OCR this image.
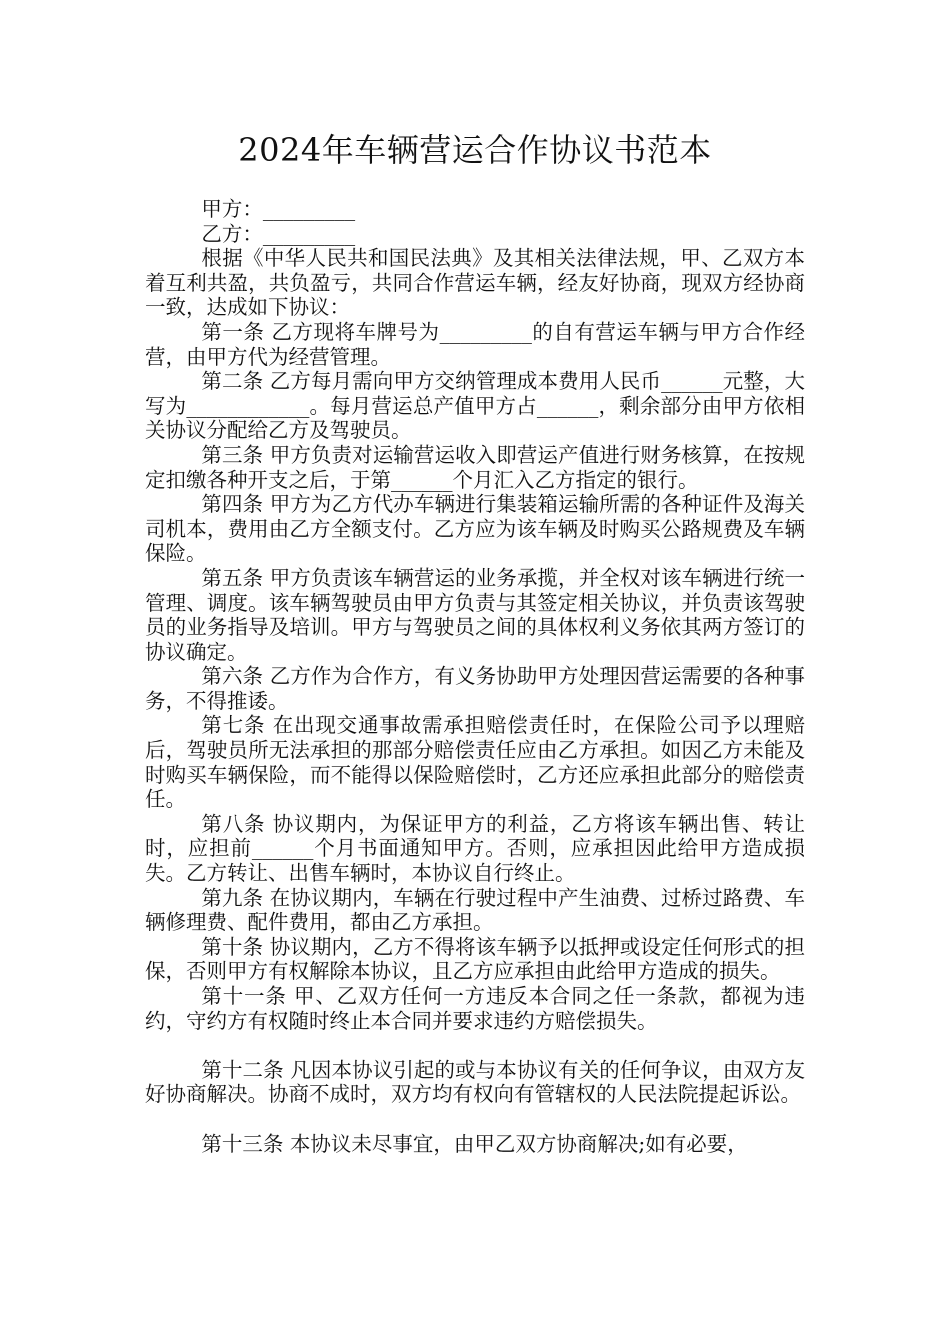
2024年车辆营运合作协议书范本

甲方：_________

乙方：_________

根据《中华人民共和国民法典》及其相关法律法规，甲、乙双方本着互利共盈，共负盈亏，共同合作营运车辆，经友好协商，现双方经协商一致，达成如下协议：

第一条 乙方现将车牌号为_________的自有营运车辆与甲方合作经营，由甲方代为经营管理。

第二条 乙方每月需向甲方交纳管理成本费用人民币______元整，大写为____________。每月营运总产值甲方占______，剩余部分由甲方依相关协议分配给乙方及驾驶员。

第三条 甲方负责对运输营运收入即营运产值进行财务核算，在按规定扣缴各种开支之后，于第______个月汇入乙方指定的银行。

第四条 甲方为乙方代办车辆进行集装箱运输所需的各种证件及海关司机本，费用由乙方全额支付。乙方应为该车辆及时购买公路规费及车辆保险。

第五条 甲方负责该车辆营运的业务承揽，并全权对该车辆进行统一管理、调度。该车辆驾驶员由甲方负责与其签定相关协议，并负责该驾驶员的业务指导及培训。甲方与驾驶员之间的具体权利义务依其两方签订的协议确定。

第六条 乙方作为合作方，有义务协助甲方处理因营运需要的各种事务，不得推诿。

第七条 在出现交通事故需承担赔偿责任时，在保险公司予以理赔后，驾驶员所无法承担的那部分赔偿责任应由乙方承担。如因乙方未能及时购买车辆保险，而不能得以保险赔偿时，乙方还应承担此部分的赔偿责任。

第八条 协议期内，为保证甲方的利益，乙方将该车辆出售、转让时，应担前______个月书面通知甲方。否则，应承担因此给甲方造成损失。乙方转让、出售车辆时，本协议自行终止。

第九条 在协议期内，车辆在行驶过程中产生油费、过桥过路费、车辆修理费、配件费用，都由乙方承担。

第十条 协议期内，乙方不得将该车辆予以抵押或设定任何形式的担保，否则甲方有权解除本协议，且乙方应承担由此给甲方造成的损失。

第十一条 甲、乙双方任何一方违反本合同之任一条款，都视为违约，守约方有权随时终止本合同并要求违约方赔偿损失。

第十二条 凡因本协议引起的或与本协议有关的任何争议，由双方友好协商解决。协商不成时，双方均有权向有管辖权的人民法院提起诉讼。

第十三条 本协议未尽事宜，由甲乙双方协商解决;如有必要，
